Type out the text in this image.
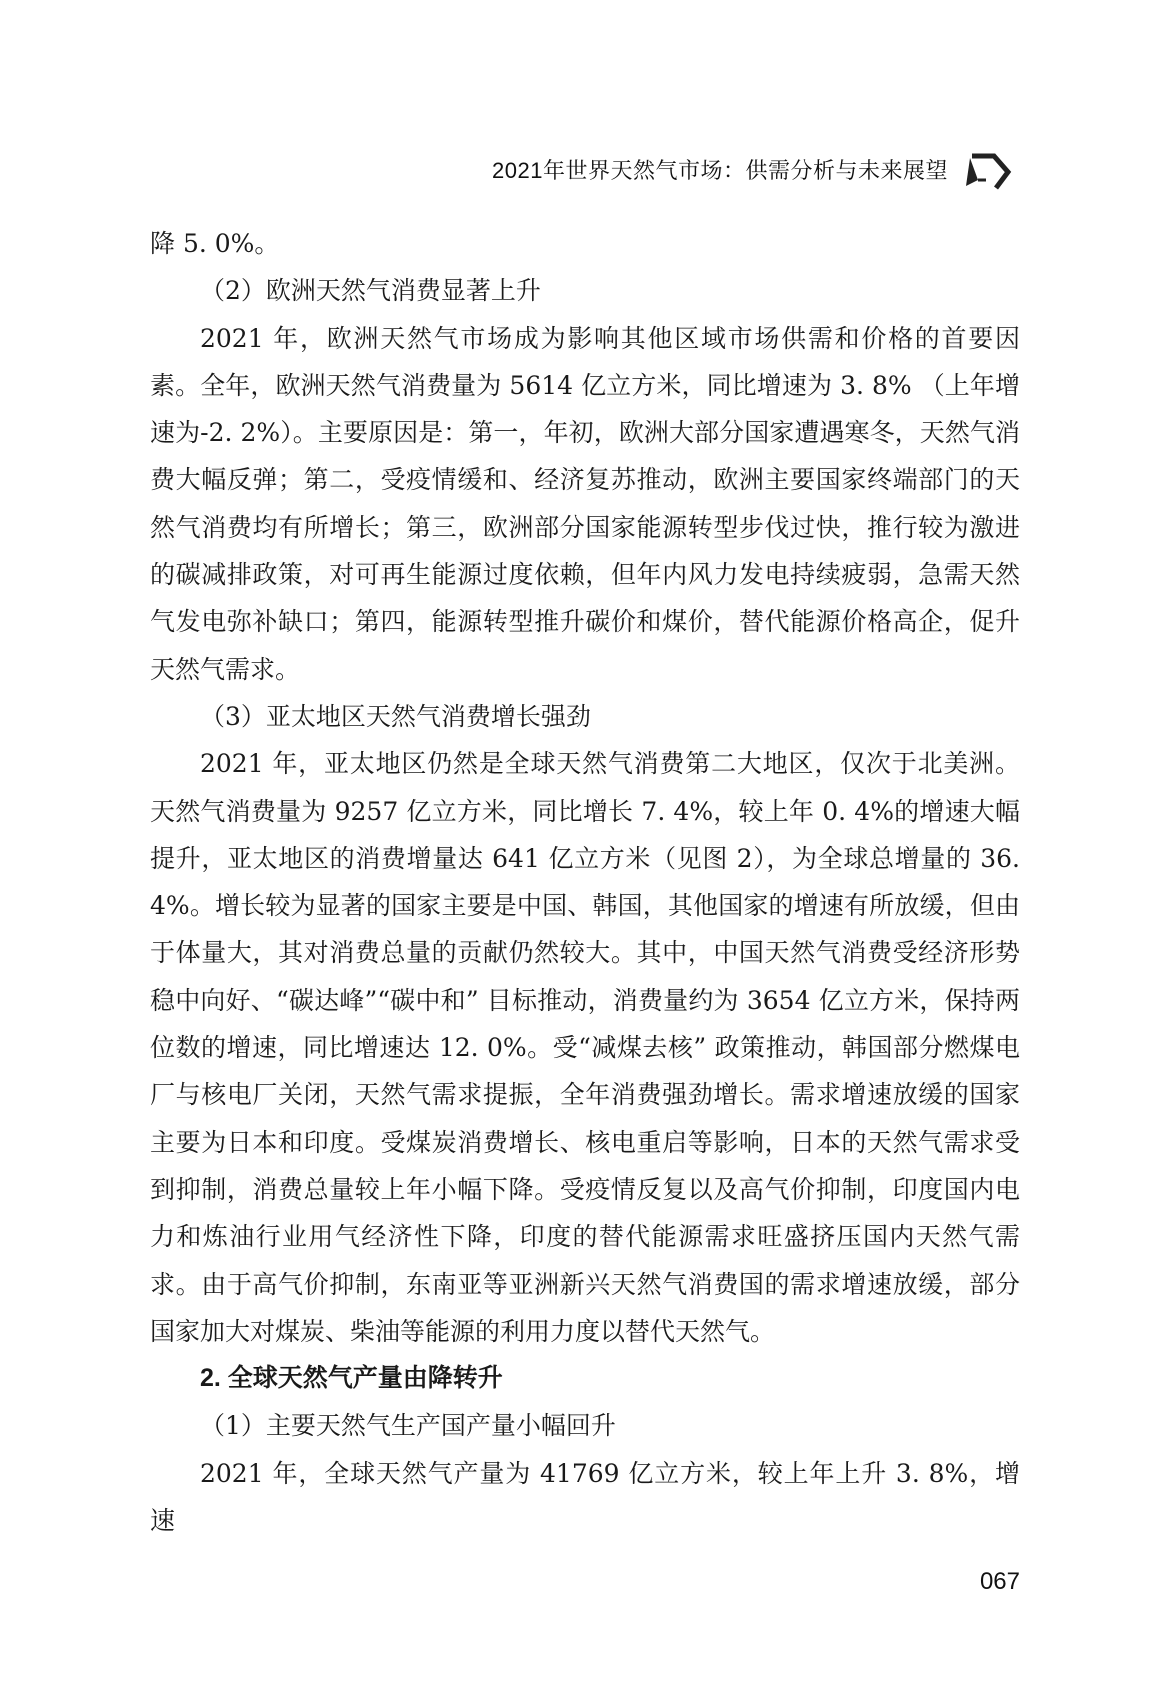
2021年世界天然气市场：供需分析与未来展望

降 5. 0%。

（2）欧洲天然气消费显著上升

2021 年，欧洲天然气市场成为影响其他区域市场供需和价格的首要因素。全年，欧洲天然气消费量为 5614 亿立方米，同比增速为 3. 8% （上年增速为-2. 2%）。主要原因是：第一，年初，欧洲大部分国家遭遇寒冬，天然气消费大幅反弹；第二，受疫情缓和、经济复苏推动，欧洲主要国家终端部门的天然气消费均有所增长；第三，欧洲部分国家能源转型步伐过快，推行较为激进的碳减排政策，对可再生能源过度依赖，但年内风力发电持续疲弱，急需天然气发电弥补缺口；第四，能源转型推升碳价和煤价，替代能源价格高企，促升天然气需求。

（3）亚太地区天然气消费增长强劲

2021 年，亚太地区仍然是全球天然气消费第二大地区，仅次于北美洲。天然气消费量为 9257 亿立方米，同比增长 7. 4%，较上年 0. 4%的增速大幅提升，亚太地区的消费增量达 641 亿立方米（见图 2），为全球总增量的 36. 4%。增长较为显著的国家主要是中国、韩国，其他国家的增速有所放缓，但由于体量大，其对消费总量的贡献仍然较大。其中，中国天然气消费受经济形势稳中向好、“碳达峰”“碳中和” 目标推动，消费量约为 3654 亿立方米，保持两位数的增速，同比增速达 12. 0%。受“减煤去核” 政策推动，韩国部分燃煤电厂与核电厂关闭，天然气需求提振，全年消费强劲增长。需求增速放缓的国家主要为日本和印度。受煤炭消费增长、核电重启等影响，日本的天然气需求受到抑制，消费总量较上年小幅下降。受疫情反复以及高气价抑制，印度国内电力和炼油行业用气经济性下降，印度的替代能源需求旺盛挤压国内天然气需求。由于高气价抑制，东南亚等亚洲新兴天然气消费国的需求增速放缓，部分国家加大对煤炭、柴油等能源的利用力度以替代天然气。

2. 全球天然气产量由降转升

（1）主要天然气生产国产量小幅回升

2021 年，全球天然气产量为 41769 亿立方米，较上年上升 3. 8%，增速

067
